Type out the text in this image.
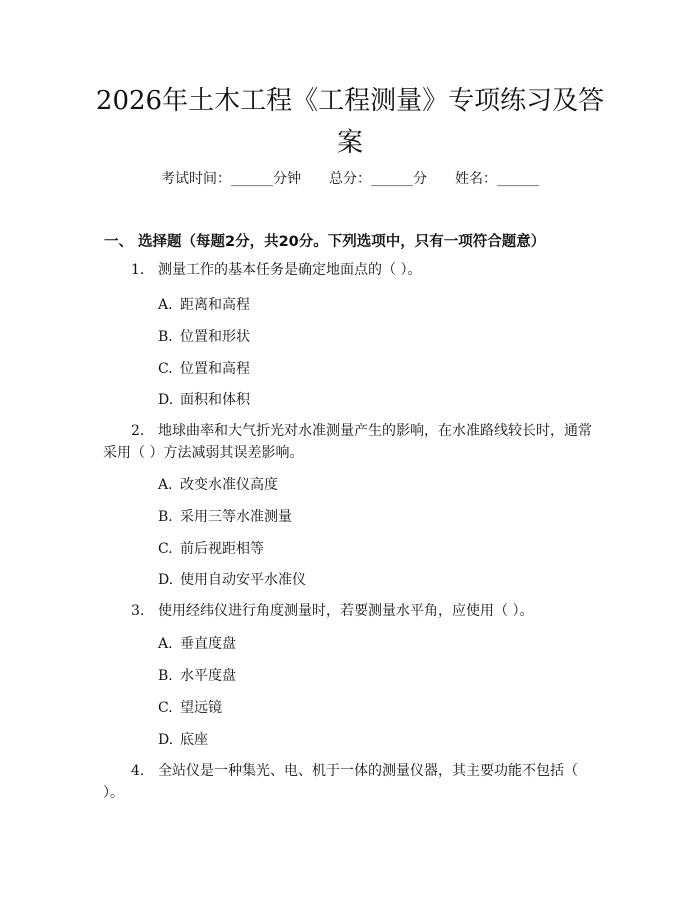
2026年土木工程《工程测量》专项练习及答案
考试时间：______分钟 总分：______分 姓名：______
一、 选择题（每题2分，共20分。下列选项中，只有一项符合题意）
1. 测量工作的基本任务是确定地面点的（ ）。
A. 距离和高程
B. 位置和形状
C. 位置和高程
D. 面积和体积
2. 地球曲率和大气折光对水准测量产生的影响，在水准路线较长时，通常采用（ ）方法减弱其误差影响。
A. 改变水准仪高度
B. 采用三等水准测量
C. 前后视距相等
D. 使用自动安平水准仪
3. 使用经纬仪进行角度测量时，若要测量水平角，应使用（ ）。
A. 垂直度盘
B. 水平度盘
C. 望远镜
D. 底座
4. 全站仪是一种集光、电、机于一体的测量仪器，其主要功能不包括（ ）。
